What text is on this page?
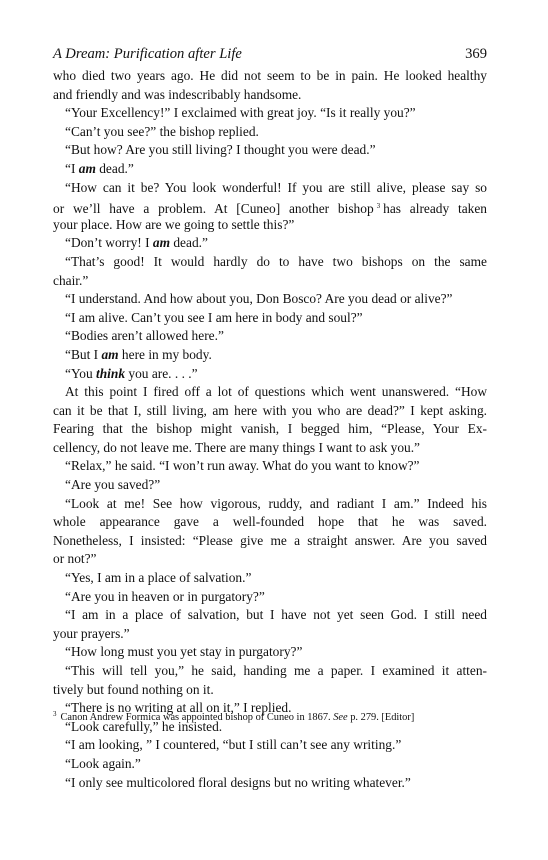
A Dream: Purification after Life	369
who died two years ago. He did not seem to be in pain. He looked healthy
and friendly and was indescribably handsome.
“Your Excellency!” I exclaimed with great joy. “Is it really you?”
“Can’t you see?” the bishop replied.
“But how? Are you still living? I thought you were dead.”
“I am dead.”
“How can it be? You look wonderful! If you are still alive, please say so
or we’ll have a problem. At [Cuneo] another bishop $^3$ has already taken
your place. How are we going to settle this?”
“Don’t worry! I am dead.”
“That’s good! It would hardly do to have two bishops on the same
chair.”
“I understand. And how about you, Don Bosco? Are you dead or alive?”
“I am alive. Can’t you see I am here in body and soul?”
“Bodies aren’t allowed here.”
“But I am here in my body.
“You think you are. . . .”
At this point I fired off a lot of questions which went unanswered. “How
can it be that I, still living, am here with you who are dead?” I kept asking.
Fearing that the bishop might vanish, I begged him, “Please, Your Ex-
cellency, do not leave me. There are many things I want to ask you.”
“Relax,” he said. “I won’t run away. What do you want to know?”
“Are you saved?”
“Look at me! See how vigorous, ruddy, and radiant I am.” Indeed his
whole appearance gave a well-founded hope that he was saved.
Nonetheless, I insisted: “Please give me a straight answer. Are you saved
or not?”
“Yes, I am in a place of salvation.”
“Are you in heaven or in purgatory?”
“I am in a place of salvation, but I have not yet seen God. I still need
your prayers.”
“How long must you yet stay in purgatory?”
“This will tell you,” he said, handing me a paper. I examined it atten-
tively but found nothing on it.
“There is no writing at all on it,” I replied.
“Look carefully,” he insisted.
“I am looking, ” I countered, “but I still can’t see any writing.”
“Look again.”
“I only see multicolored floral designs but no writing whatever.”
$^3$ Canon Andrew Formica was appointed bishop of Cuneo in 1867. See p. 279. [Editor]
